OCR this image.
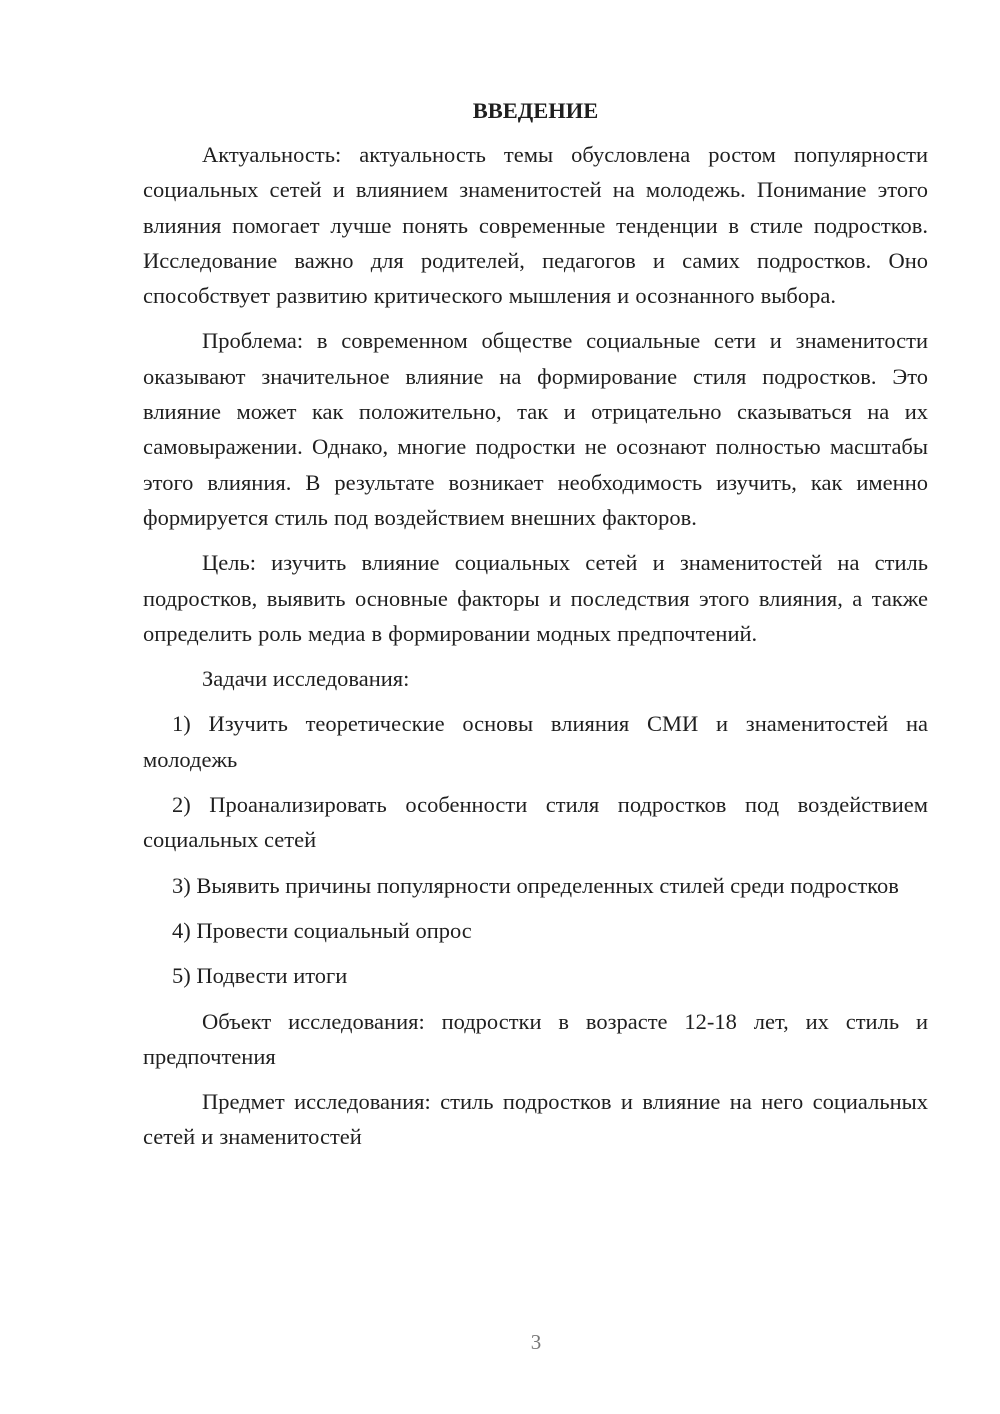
ВВЕДЕНИЕ

Актуальность: актуальность темы обусловлена ростом популярности социальных сетей и влиянием знаменитостей на молодежь. Понимание этого влияния помогает лучше понять современные тенденции в стиле подростков. Исследование важно для родителей, педагогов и самих подростков. Оно способствует развитию критического мышления и осознанного выбора.

Проблема: в современном обществе социальные сети и знаменитости оказывают значительное влияние на формирование стиля подростков. Это влияние может как положительно, так и отрицательно сказываться на их самовыражении. Однако, многие подростки не осознают полностью масштабы этого влияния. В результате возникает необходимость изучить, как именно формируется стиль под воздействием внешних факторов.

Цель: изучить влияние социальных сетей и знаменитостей на стиль подростков, выявить основные факторы и последствия этого влияния, а также определить роль медиа в формировании модных предпочтений.

Задачи исследования:

1) Изучить теоретические основы влияния СМИ и знаменитостей на молодежь

2) Проанализировать особенности стиля подростков под воздействием социальных сетей

3) Выявить причины популярности определенных стилей среди подростков

4) Провести социальный опрос

5) Подвести итоги

Объект исследования: подростки в возрасте 12-18 лет, их стиль и предпочтения

Предмет исследования: стиль подростков и влияние на него социальных сетей и знаменитостей

3
